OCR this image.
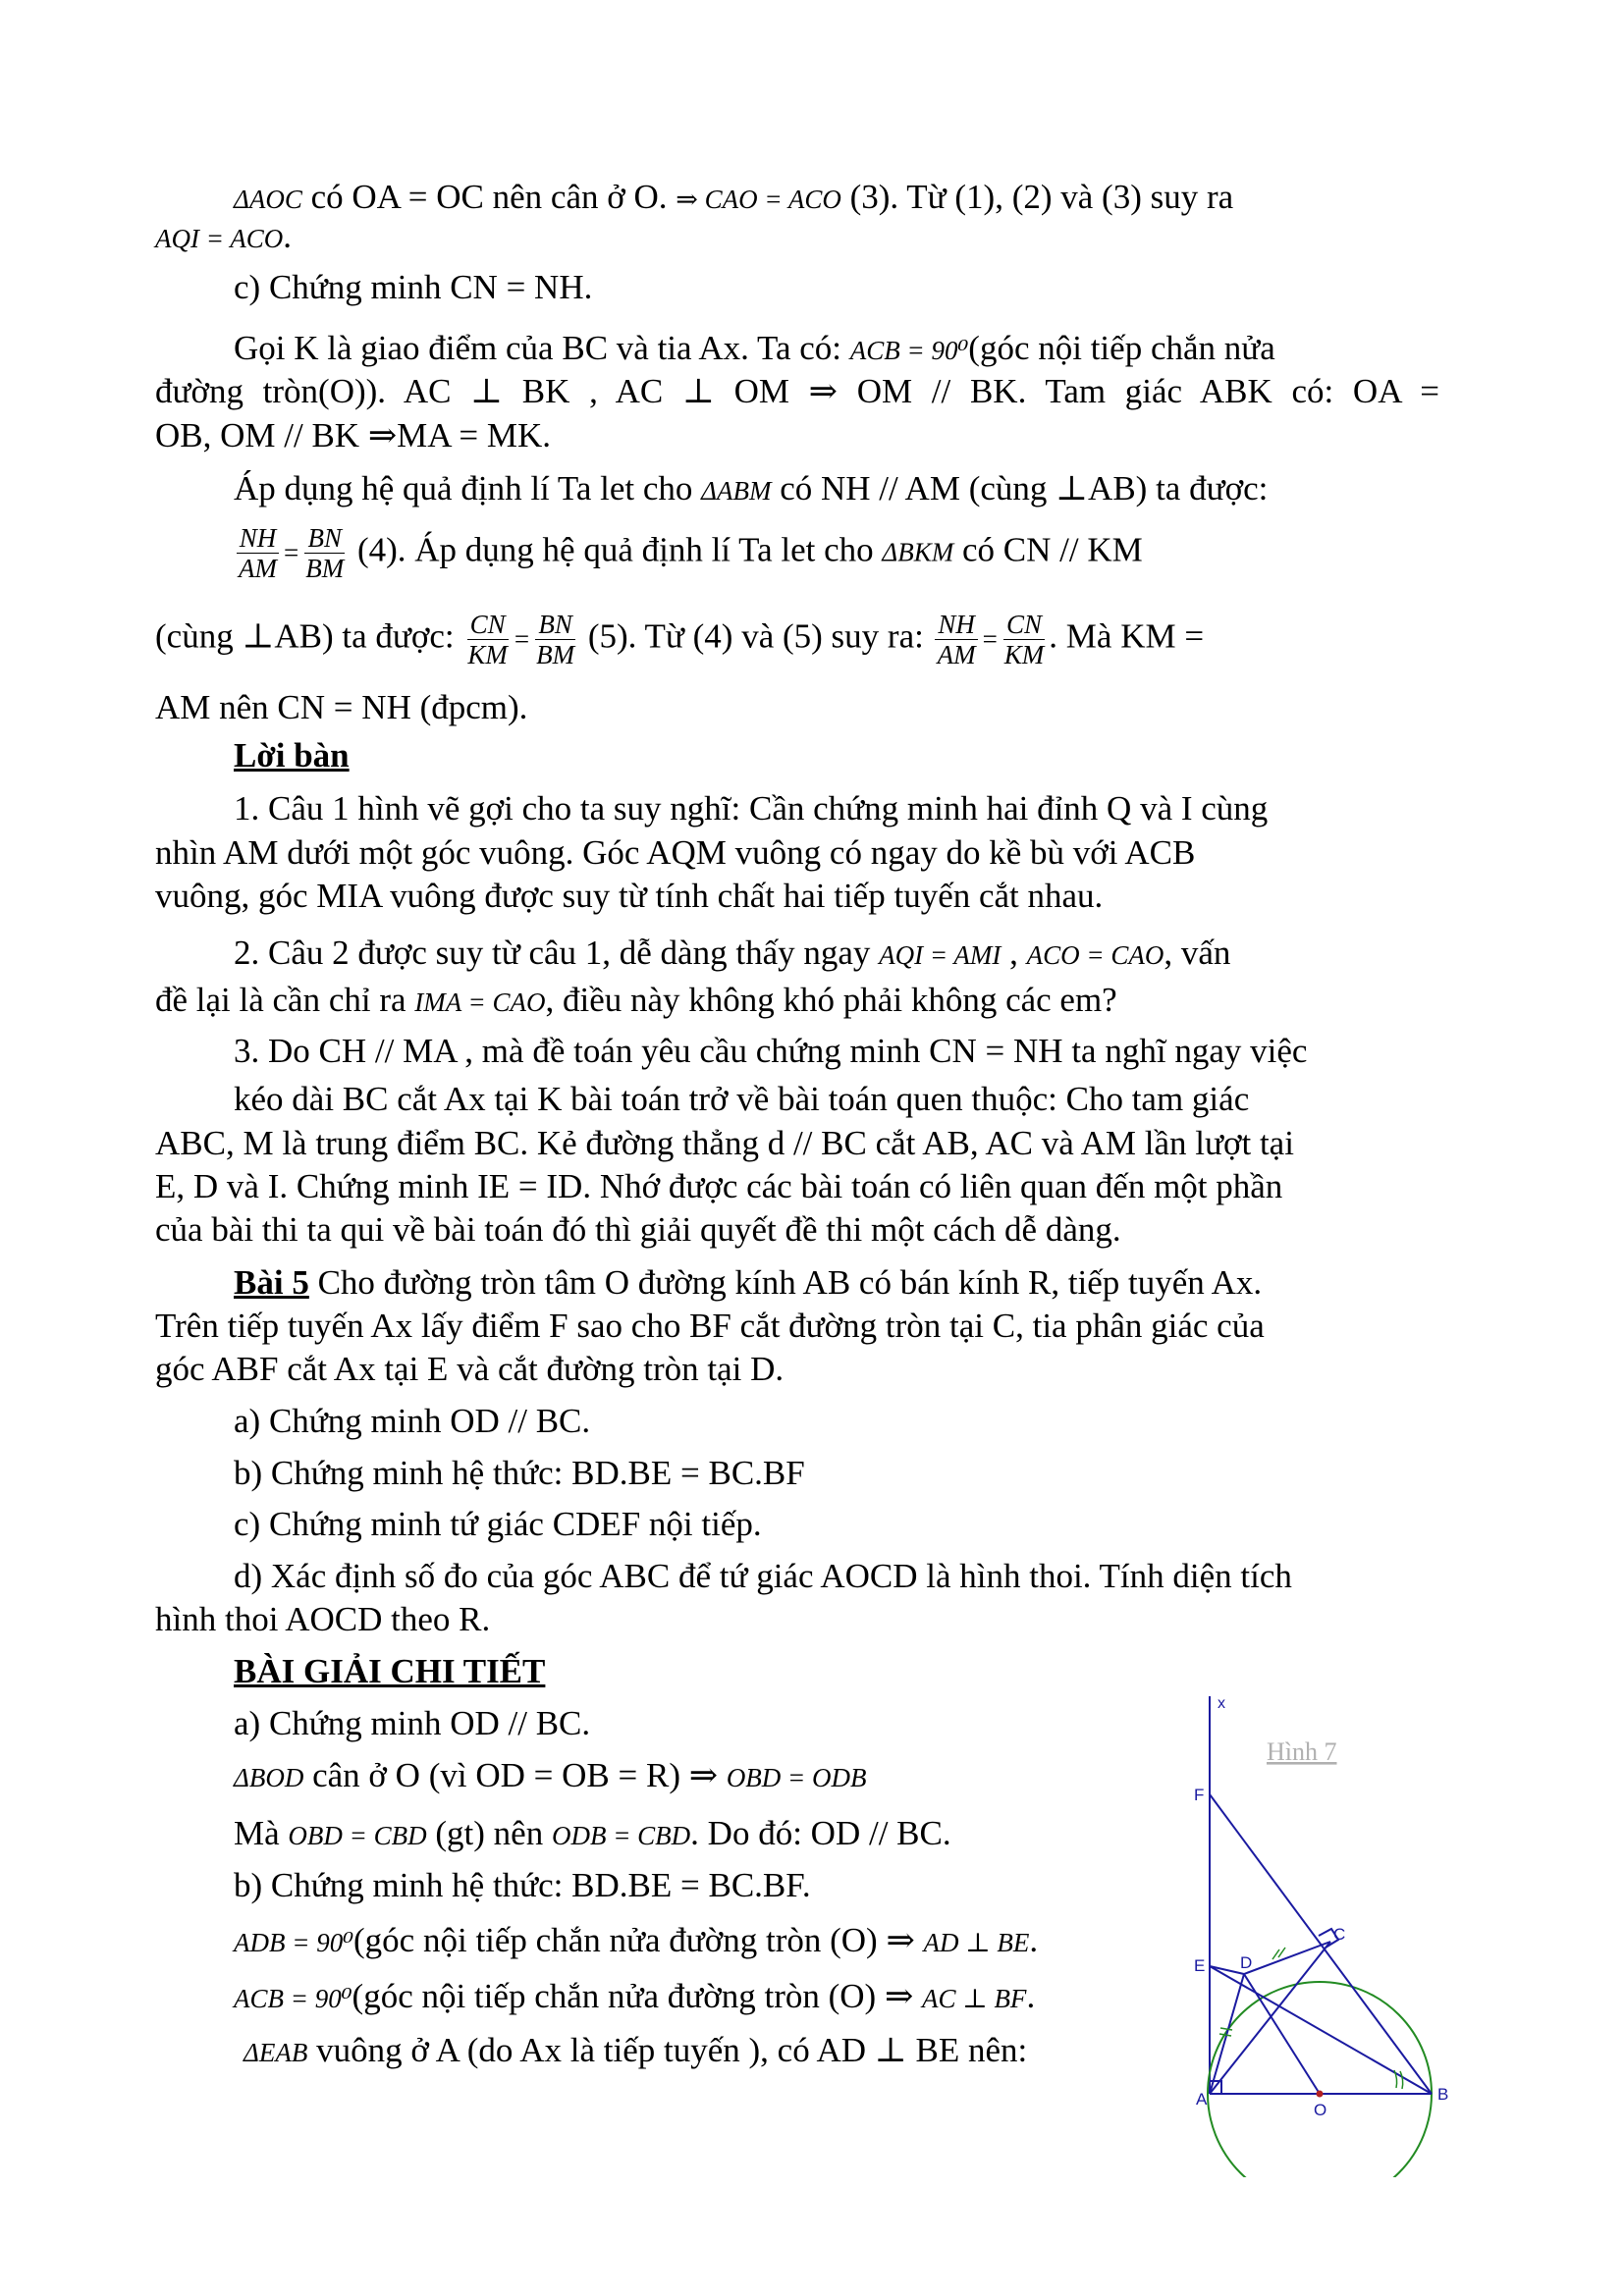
ΔAOC có OA = OC nên cân ở O. ⇒ CAO = ACO (3). Từ (1), (2) và (3) suy ra
AQI = ACO.
c) Chứng minh CN = NH.
Gọi K là giao điểm của BC và tia Ax. Ta có: ACB = 90⁰(góc nội tiếp chắn nửa
đường tròn(O)). AC ⊥ BK , AC ⊥ OM ⇒ OM // BK. Tam giác ABK có: OA =
OB, OM // BK ⇒MA = MK.
Áp dụng hệ quả định lí Ta let cho ΔABM có NH // AM (cùng ⊥AB) ta được:
$\frac{NH}{AM} = \frac{BN}{BM} (4)$. Áp dụng hệ quả định lí Ta let cho ΔBKM có CN // KM
(cùng ⊥AB) ta được: $\frac{CN}{KM} = \frac{BN}{BM} (5)$. Từ (4) và (5) suy ra: $\frac{NH}{AM} = \frac{CN}{KM}$ . Mà KM =
AM nên CN = NH (đpcm).
Lời bàn
1. Câu 1 hình vẽ gợi cho ta suy nghĩ: Cần chứng minh hai đỉnh Q và I cùng
nhìn AM dưới một góc vuông. Góc AQM vuông có ngay do kề bù với ACB
vuông, góc MIA vuông được suy từ tính chất hai tiếp tuyến cắt nhau.
2. Câu 2 được suy từ câu 1, dễ dàng thấy ngay AQI = AMI , ACO = CAO, vấn
đề lại là cần chỉ ra IMA = CAO, điều này không khó phải không các em?
3. Do CH // MA , mà đề toán yêu cầu chứng minh CN = NH ta nghĩ ngay việc
kéo dài BC cắt Ax tại K bài toán trở về bài toán quen thuộc: Cho tam giác
ABC, M là trung điểm BC. Kẻ đường thẳng d // BC cắt AB, AC và AM lần lượt tại
E, D và I. Chứng minh IE = ID. Nhớ được các bài toán có liên quan đến một phần
của bài thi ta qui về bài toán đó thì giải quyết đề thi một cách dễ dàng.
Bài 5 Cho đường tròn tâm O đường kính AB có bán kính R, tiếp tuyến Ax.
Trên tiếp tuyến Ax lấy điểm F sao cho BF cắt đường tròn tại C, tia phân giác của
góc ABF cắt Ax tại E và cắt đường tròn tại D.
a) Chứng minh OD // BC.
b) Chứng minh hệ thức: BD.BE = BC.BF
c) Chứng minh tứ giác CDEF nội tiếp.
d) Xác định số đo của góc ABC để tứ giác AOCD là hình thoi. Tính diện tích
hình thoi AOCD theo R.
BÀI GIẢI CHI TIẾT
a) Chứng minh OD // BC.
ΔBOD cân ở O (vì OD = OB = R) ⇒ OBD = ODB
Mà OBD = CBD (gt) nên ODB = CBD. Do đó: OD // BC.
b) Chứng minh hệ thức: BD.BE = BC.BF.
ADB = 90⁰(góc nội tiếp chắn nửa đường tròn (O) ⇒ AD ⊥ BE.
ACB = 90⁰(góc nội tiếp chắn nửa đường tròn (O) ⇒ AC ⊥ BF.
ΔEAB vuông ở A (do Ax là tiếp tuyến ), có AD ⊥ BE nên:
x
F
E D
C
A
O
B
Hình 7
